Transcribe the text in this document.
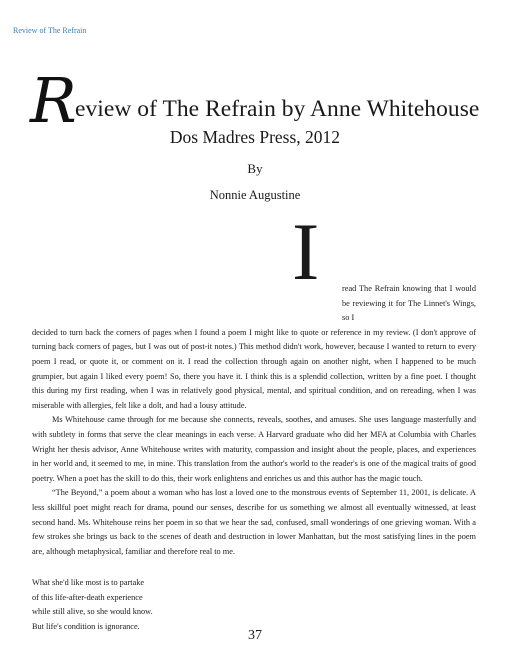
Review of The Refrain
R
eview of The Refrain by Anne Whitehouse
Dos Madres Press, 2012
By
Nonnie Augustine
I	read The Refrain knowing that I would be reviewing it for The Linnet's Wings, so I
decided to turn back the corners of pages when I found a poem I might like to quote or reference in my review. (I don't approve of turning back corners of pages, but I was out of post-it notes.) This method didn't work, however, because I wanted to return to every poem I read, or quote it, or comment on it. I read the collection through again on another night, when I happened to be much grumpier, but again I liked every poem! So, there you have it. I think this is a splendid collection, written by a fine poet. I thought this during my first reading, when I was in relatively good physical, mental, and spiritual condition, and on rereading, when I was miserable with allergies, felt like a dolt, and had a lousy attitude.

Ms Whitehouse came through for me because she connects, reveals, soothes, and amuses. She uses language masterfully and with subtlety in forms that serve the clear meanings in each verse. A Harvard graduate who did her MFA at Columbia with Charles Wright her thesis advisor, Anne Whitehouse writes with maturity, compassion and insight about the people, places, and experiences in her world and, it seemed to me, in mine. This translation from the author's world to the reader's is one of the magical traits of good poetry. When a poet has the skill to do this, their work enlightens and enriches us and this author has the magic touch.

“The Beyond,” a poem about a woman who has lost a loved one to the monstrous events of September 11, 2001, is delicate. A less skillful poet might reach for drama, pound our senses, describe for us something we almost all eventually witnessed, at least second hand. Ms. Whitehouse reins her poem in so that we hear the sad, confused, small wonderings of one grieving woman. With a few strokes she brings us back to the scenes of death and destruction in lower Manhattan, but the most satisfying lines in the poem are, although metaphysical, familiar and therefore real to me.

What she'd like most is to partake
of this life-after-death experience
while still alive, so she would know.
But life's condition is ignorance.
37
